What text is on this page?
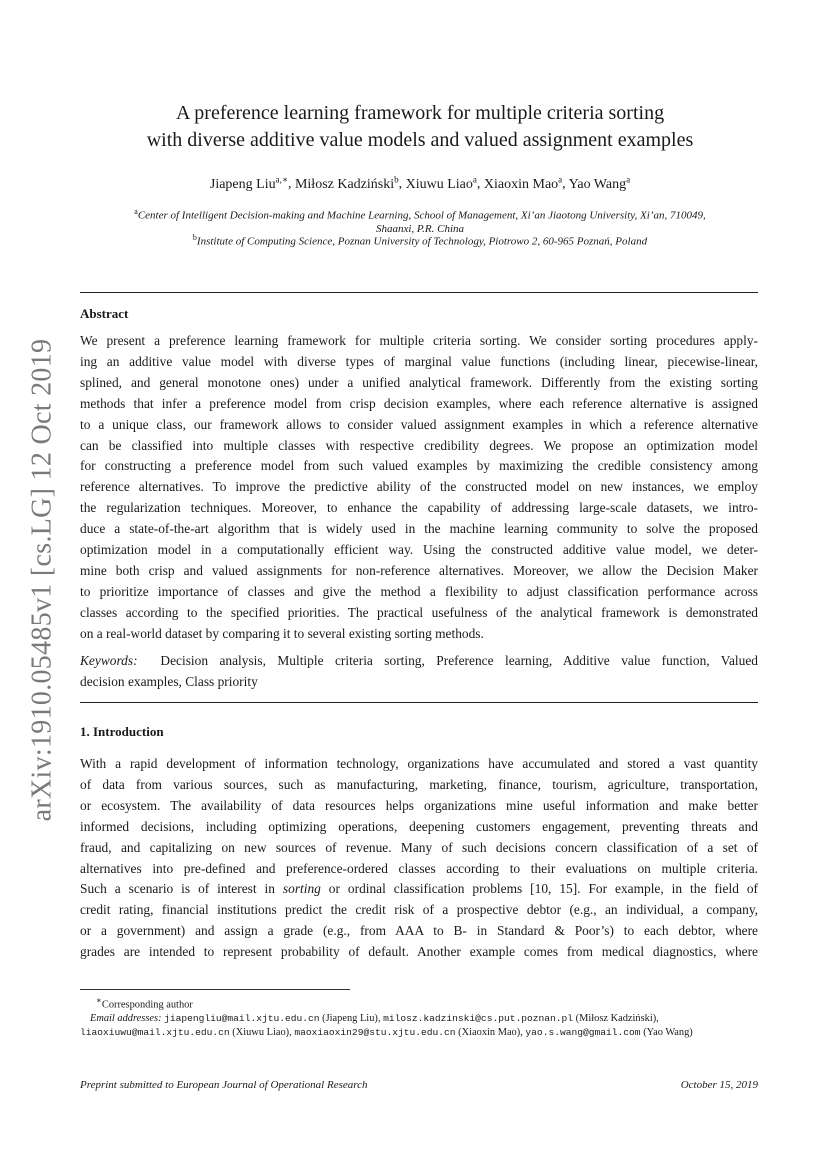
arXiv:1910.05485v1 [cs.LG] 12 Oct 2019
A preference learning framework for multiple criteria sorting
with diverse additive value models and valued assignment examples
Jiapeng Liu$^{a,∗}$, Miłosz Kadziński$^b$, Xiuwu Liao$^a$, Xiaoxin Mao$^a$, Yao Wang$^a$
$^a$Center of Intelligent Decision-making and Machine Learning, School of Management, Xi’an Jiaotong University, Xi’an, 710049,
Shaanxi, P.R. China
$^b$Institute of Computing Science, Poznan University of Technology, Piotrowo 2, 60-965 Poznań, Poland
Abstract
We present a preference learning framework for multiple criteria sorting. We consider sorting procedures apply-
ing an additive value model with diverse types of marginal value functions (including linear, piecewise-linear,
splined, and general monotone ones) under a unified analytical framework. Differently from the existing sorting
methods that infer a preference model from crisp decision examples, where each reference alternative is assigned
to a unique class, our framework allows to consider valued assignment examples in which a reference alternative
can be classified into multiple classes with respective credibility degrees. We propose an optimization model
for constructing a preference model from such valued examples by maximizing the credible consistency among
reference alternatives. To improve the predictive ability of the constructed model on new instances, we employ
the regularization techniques. Moreover, to enhance the capability of addressing large-scale datasets, we intro-
duce a state-of-the-art algorithm that is widely used in the machine learning community to solve the proposed
optimization model in a computationally efficient way. Using the constructed additive value model, we deter-
mine both crisp and valued assignments for non-reference alternatives. Moreover, we allow the Decision Maker
to prioritize importance of classes and give the method a flexibility to adjust classification performance across
classes according to the specified priorities. The practical usefulness of the analytical framework is demonstrated
on a real-world dataset by comparing it to several existing sorting methods.
Keywords: Decision analysis, Multiple criteria sorting, Preference learning, Additive value function, Valued
decision examples, Class priority
1. Introduction
With a rapid development of information technology, organizations have accumulated and stored a vast quantity
of data from various sources, such as manufacturing, marketing, finance, tourism, agriculture, transportation,
or ecosystem. The availability of data resources helps organizations mine useful information and make better
informed decisions, including optimizing operations, deepening customers engagement, preventing threats and
fraud, and capitalizing on new sources of revenue. Many of such decisions concern classification of a set of
alternatives into pre-defined and preference-ordered classes according to their evaluations on multiple criteria.
Such a scenario is of interest in sorting or ordinal classification problems [10, 15]. For example, in the field of
credit rating, financial institutions predict the credit risk of a prospective debtor (e.g., an individual, a company,
or a government) and assign a grade (e.g., from AAA to B- in Standard & Poor’s) to each debtor, where
grades are intended to represent probability of default. Another example comes from medical diagnostics, where
∗Corresponding author
Email addresses: jiapengliu@mail.xjtu.edu.cn (Jiapeng Liu), milosz.kadzinski@cs.put.poznan.pl (Miłosz Kadziński),
liaoxiuwu@mail.xjtu.edu.cn (Xiuwu Liao), maoxiaoxin29@stu.xjtu.edu.cn (Xiaoxin Mao), yao.s.wang@gmail.com (Yao Wang)
Preprint submitted to European Journal of Operational Research	October 15, 2019
